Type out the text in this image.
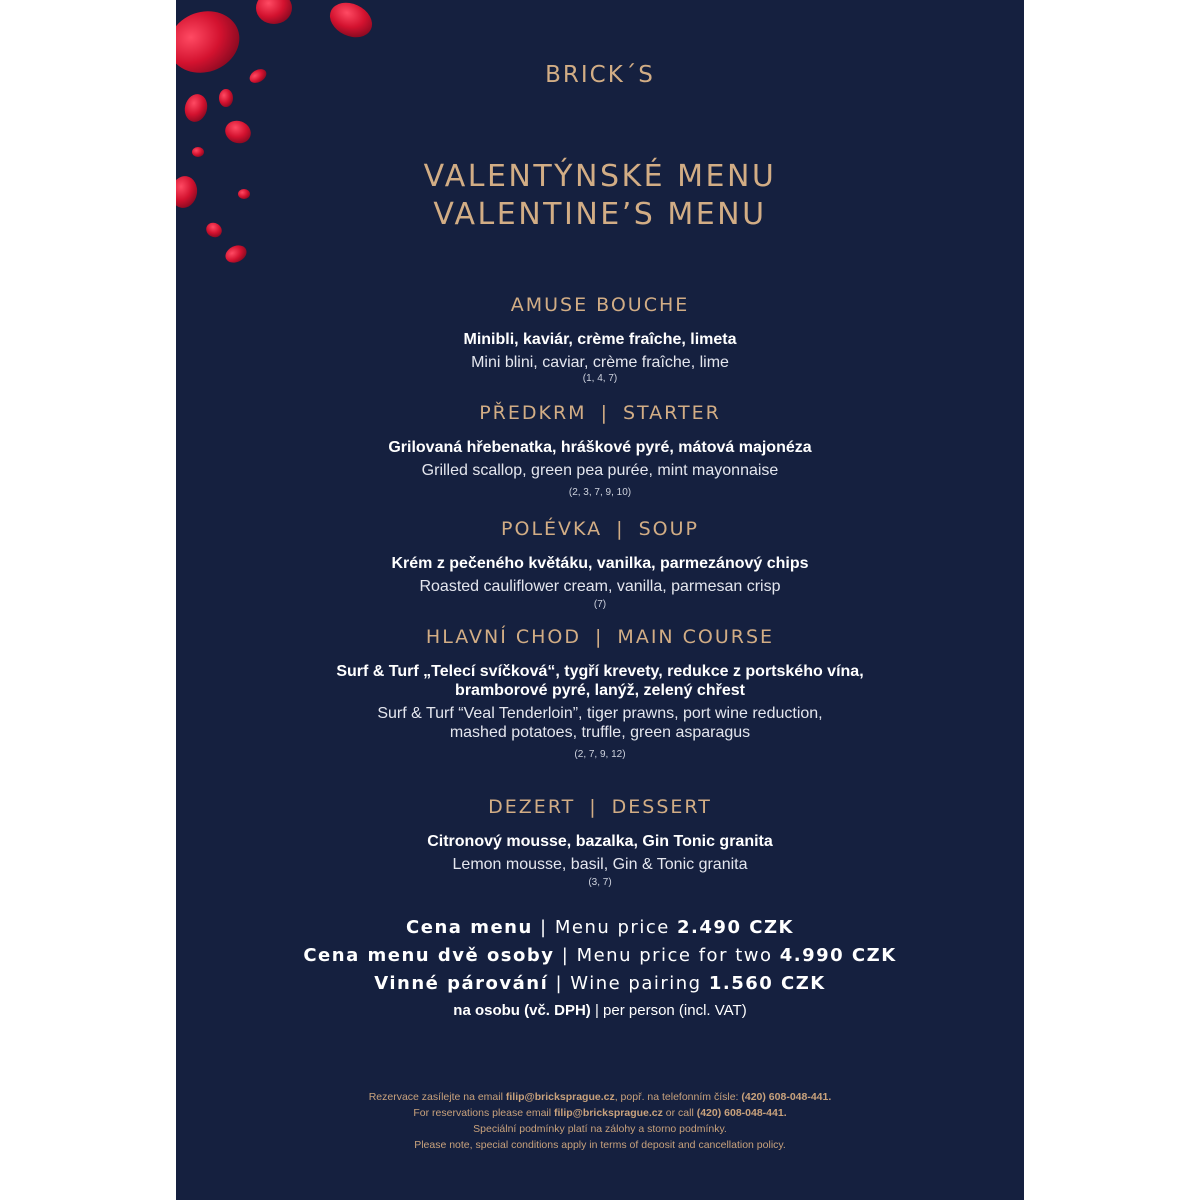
BRICK´S
VALENTÝNSKÉ MENU
VALENTINE’S MENU

AMUSE BOUCHE

Minibli, kaviár, crème fraîche, limeta

Mini blini, caviar, crème fraîche, lime

(1, 4, 7)

PŘEDKRM | STARTER

Grilovaná hřebenatka, hráškové pyré, mátová majonéza

Grilled scallop, green pea purée, mint mayonnaise

(2, 3, 7, 9, 10)

POLÉVKA | SOUP

Krém z pečeného květáku, vanilka, parmezánový chips

Roasted cauliflower cream, vanilla, parmesan crisp

(7)

HLAVNÍ CHOD | MAIN COURSE

Surf & Turf „Telecí svíčková“, tygří krevety, redukce z portského vína,

bramborové pyré, lanýž, zelený chřest

Surf & Turf “Veal Tenderloin”, tiger prawns, port wine reduction,

mashed potatoes, truffle, green asparagus

(2, 7, 9, 12)

DEZERT | DESSERT

Citronový mousse, bazalka, Gin Tonic granita

Lemon mousse, basil, Gin & Tonic granita

(3, 7)

Cena menu | Menu price 2.490 CZK

Cena menu dvě osoby | Menu price for two 4.990 CZK

Vinné párování | Wine pairing 1.560 CZK

na osobu (vč. DPH) | per person (incl. VAT)

Rezervace zasílejte na email filip@bricksprague.cz, popř. na telefonním čísle: (420) 608-048-441.

For reservations please email filip@bricksprague.cz or call (420) 608-048-441.

Speciální podmínky platí na zálohy a storno podmínky.

Please note, special conditions apply in terms of deposit and cancellation policy.
